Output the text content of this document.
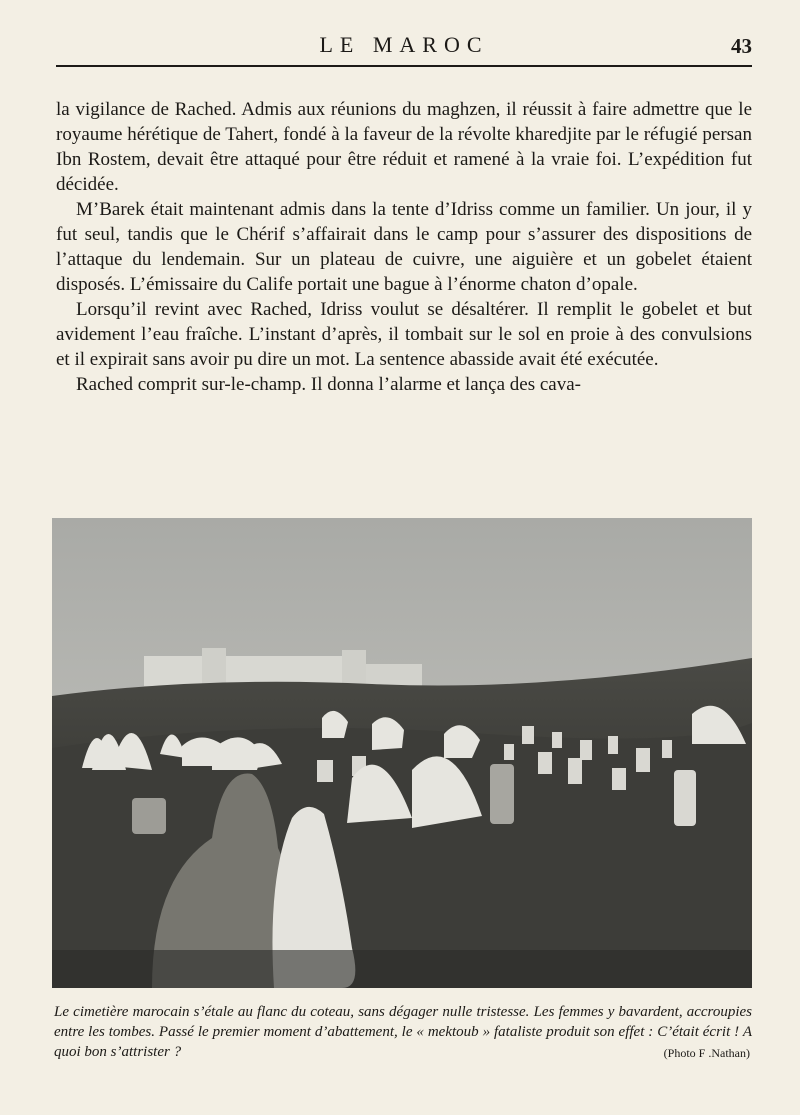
LE MAROC	43

la vigilance de Rached. Admis aux réunions du maghzen, il réussit à faire admettre que le royaume hérétique de Tahert, fondé à la faveur de la révolte kharedjite par le réfugié persan Ibn Rostem, devait être attaqué pour être réduit et ramené à la vraie foi. L’expédition fut décidée.

M’Barek était maintenant admis dans la tente d’Idriss comme un familier. Un jour, il y fut seul, tandis que le Chérif s’affairait dans le camp pour s’assurer des dispositions de l’attaque du lendemain. Sur un plateau de cuivre, une aiguière et un gobelet étaient disposés. L’émissaire du Calife portait une bague à l’énorme chaton d’opale.

Lorsqu’il revint avec Rached, Idriss voulut se désaltérer. Il remplit le gobelet et but avidement l’eau fraîche. L’instant d’après, il tombait sur le sol en proie à des convulsions et il expirait sans avoir pu dire un mot. La sentence abasside avait été exécutée.

Rached comprit sur-le-champ. Il donna l’alarme et lança des cava-

Le cimetière marocain s’étale au flanc du coteau, sans dégager nulle tristesse. Les femmes y bavardent, accroupies entre les tombes. Passé le premier moment d’abattement, le « mektoub » fataliste produit son effet : C’était écrit ! A quoi bon s’attrister ?	(Photo F .Nathan)
